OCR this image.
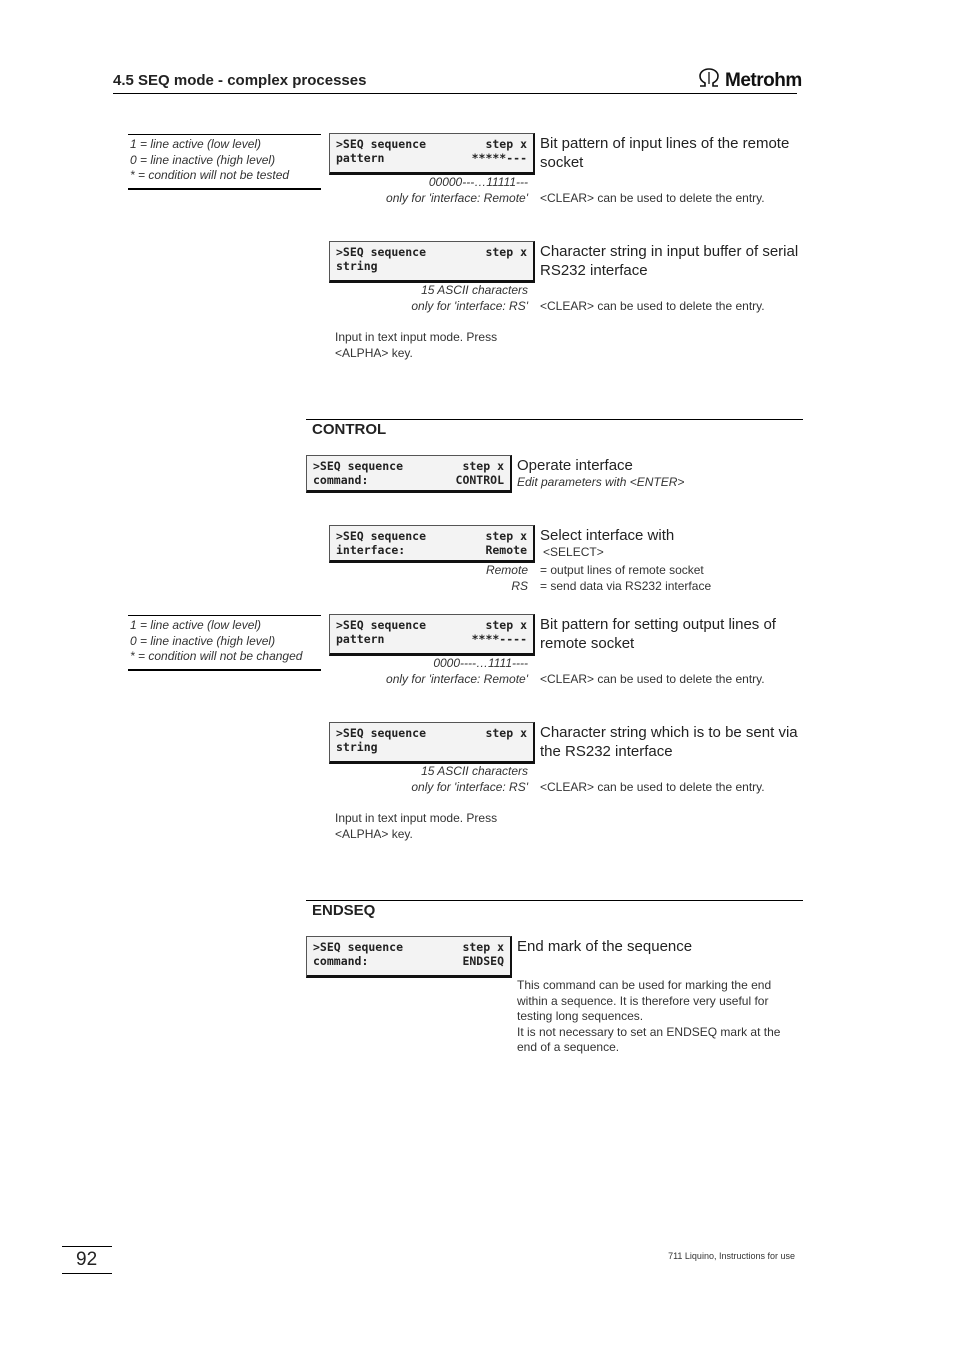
4.5 SEQ mode - complex processes	Metrohm
1 = line active (low level)
0 = line inactive (high level)
* = condition will not be tested
>SEQ sequence	step x
pattern	*****---
Bit pattern of input lines of the remote socket
00000---…11111---
only for 'interface: Remote' <CLEAR> can be used to delete the entry.
>SEQ sequence	step x
string
Character string in input buffer of serial RS232 interface
15 ASCII characters
only for 'interface: RS' <CLEAR> can be used to delete the entry.
Input in text input mode. Press
<ALPHA> key.
CONTROL
>SEQ sequence	step x
command:	CONTROL
Operate interface
Edit parameters with <ENTER>
>SEQ sequence	step x
interface:	Remote
Select interface with
<SELECT>
Remote = output lines of remote socket
RS = send data via RS232 interface
1 = line active (low level)
0 = line inactive (high level)
* = condition will not be changed
>SEQ sequence	step x
pattern	****----
Bit pattern for setting output lines of remote socket
0000----…1111----
only for 'interface: Remote' <CLEAR> can be used to delete the entry.
>SEQ sequence	step x
string
Character string which is to be sent via the RS232 interface
15 ASCII characters
only for 'interface: RS' <CLEAR> can be used to delete the entry.
Input in text input mode. Press
<ALPHA> key.
ENDSEQ
>SEQ sequence	step x
command:	ENDSEQ
End mark of the sequence
This command can be used for marking the end
within a sequence. It is therefore very useful for
testing long sequences.
It is not necessary to set an ENDSEQ mark at the
end of a sequence.
92	711 Liquino, Instructions for use
